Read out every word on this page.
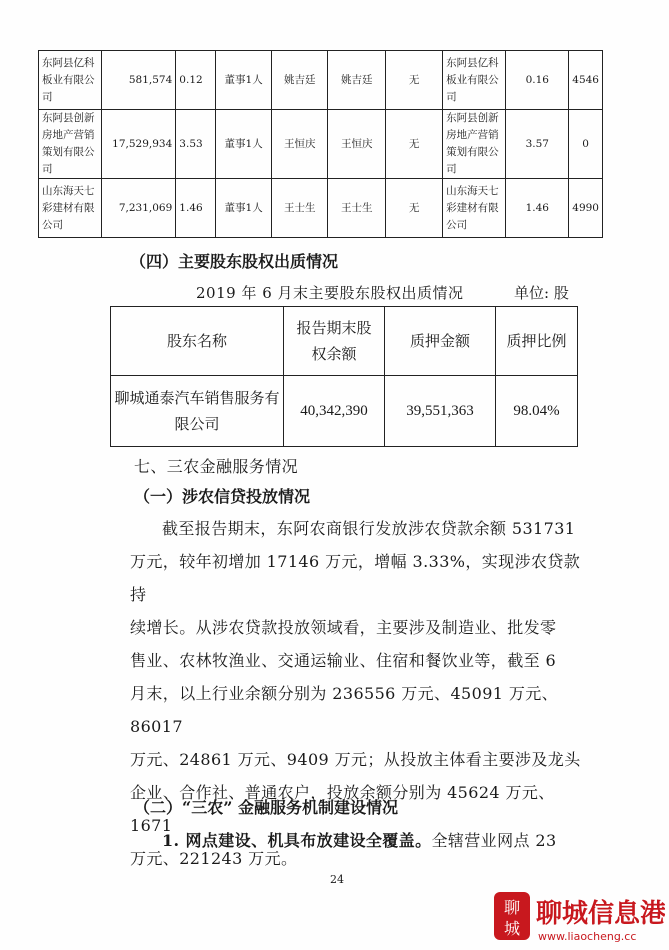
东阿县亿科板业有限公司	581,574	0.12	董事1人	姚吉廷	姚吉廷	无	东阿县亿科板业有限公司	0.16	4546
东阿县创新房地产营销策划有限公司	17,529,934	3.53	董事1人	王恒庆	王恒庆	无	东阿县创新房地产营销策划有限公司	3.57	0
山东海天七彩建材有限公司	7,231,069	1.46	董事1人	王士生	王士生	无	山东海天七彩建材有限公司	1.46	4990
（四）主要股东股权出质情况
2019 年 6 月末主要股东股权出质情况	单位: 股
股东名称	报告期末股权余额	质押金额	质押比例

聊城通泰汽车销售服务有限公司	40,342,390	39,551,363	98.04%
七、三农金融服务情况
（一）涉农信贷投放情况
截至报告期末，东阿农商银行发放涉农贷款余额 531731
万元，较年初增加 17146 万元，增幅 3.33%，实现涉农贷款持
续增长。从涉农贷款投放领域看，主要涉及制造业、批发零
售业、农林牧渔业、交通运输业、住宿和餐饮业等，截至 6
月末，以上行业余额分别为 236556 万元、45091 万元、86017
万元、24861 万元、9409 万元；从投放主体看主要涉及龙头
企业、合作社、普通农户，投放余额分别为 45624 万元、1671
万元、221243 万元。
（二）“三农” 金融服务机制建设情况
1. 网点建设、机具布放建设全覆盖。全辖营业网点 23
24
聊
城 聊城信息港
www.liaocheng.cc
